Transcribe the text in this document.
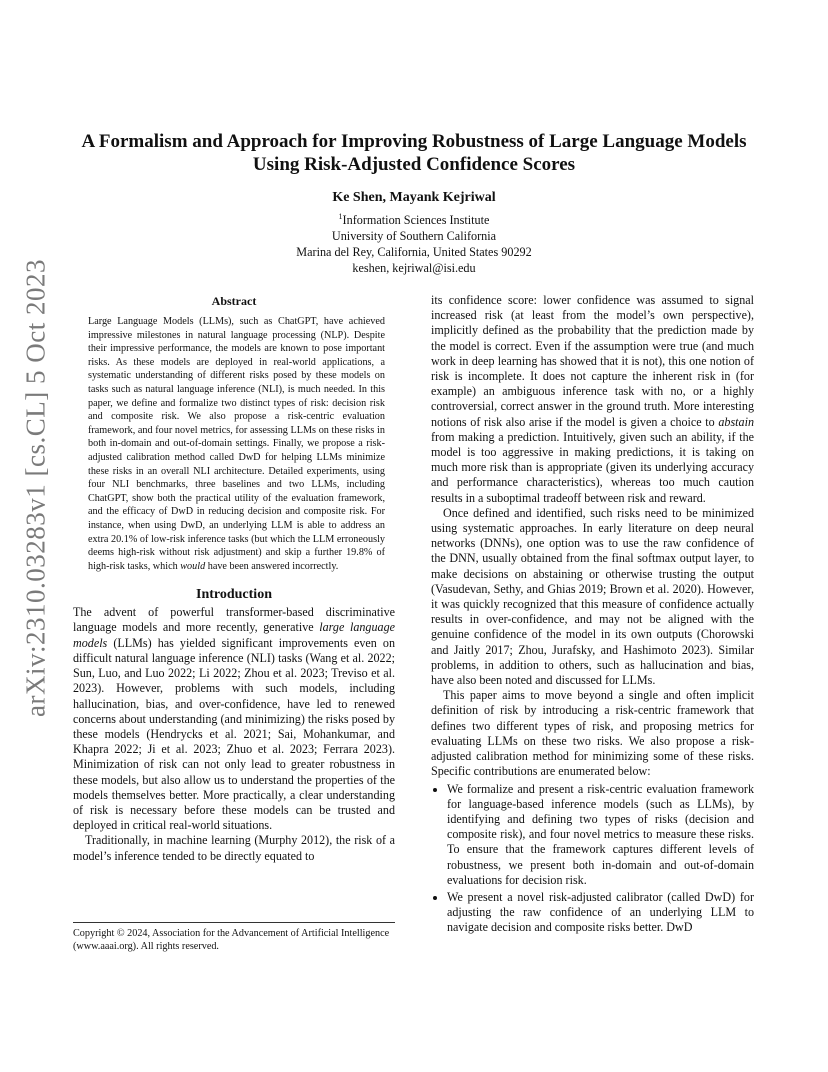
arXiv:2310.03283v1 [cs.CL] 5 Oct 2023
A Formalism and Approach for Improving Robustness of Large Language Models
Using Risk-Adjusted Confidence Scores
Ke Shen, Mayank Kejriwal
$^1$Information Sciences Institute
University of Southern California
Marina del Rey, California, United States 90292
keshen, kejriwal@isi.edu
Abstract
Large Language Models (LLMs), such as ChatGPT, have achieved impressive milestones in natural language processing (NLP). Despite their impressive performance, the models are known to pose important risks. As these models are deployed in real-world applications, a systematic understanding of different risks posed by these models on tasks such as natural language inference (NLI), is much needed. In this paper, we define and formalize two distinct types of risk: decision risk and composite risk. We also propose a risk-centric evaluation framework, and four novel metrics, for assessing LLMs on these risks in both in-domain and out-of-domain settings. Finally, we propose a risk-adjusted calibration method called DwD for helping LLMs minimize these risks in an overall NLI architecture. Detailed experiments, using four NLI benchmarks, three baselines and two LLMs, including ChatGPT, show both the practical utility of the evaluation framework, and the efficacy of DwD in reducing decision and composite risk. For instance, when using DwD, an underlying LLM is able to address an extra 20.1% of low-risk inference tasks (but which the LLM erroneously deems high-risk without risk adjustment) and skip a further 19.8% of high-risk tasks, which would have been answered incorrectly.
Introduction

The advent of powerful transformer-based discriminative language models and more recently, generative large language models (LLMs) has yielded significant improvements even on difficult natural language inference (NLI) tasks (Wang et al. 2022; Sun, Luo, and Luo 2022; Li 2022; Zhou et al. 2023; Treviso et al. 2023). However, problems with such models, including hallucination, bias, and over-confidence, have led to renewed concerns about understanding (and minimizing) the risks posed by these models (Hendrycks et al. 2021; Sai, Mohankumar, and Khapra 2022; Ji et al. 2023; Zhuo et al. 2023; Ferrara 2023). Minimization of risk can not only lead to greater robustness in these models, but also allow us to understand the properties of the models themselves better. More practically, a clear understanding of risk is necessary before these models can be trusted and deployed in critical real-world situations.

Traditionally, in machine learning (Murphy 2012), the risk of a model’s inference tended to be directly equated to

Copyright © 2024, Association for the Advancement of Artificial Intelligence (www.aaai.org). All rights reserved.

its confidence score: lower confidence was assumed to signal increased risk (at least from the model’s own perspective), implicitly defined as the probability that the prediction made by the model is correct. Even if the assumption were true (and much work in deep learning has showed that it is not), this one notion of risk is incomplete. It does not capture the inherent risk in (for example) an ambiguous inference task with no, or a highly controversial, correct answer in the ground truth. More interesting notions of risk also arise if the model is given a choice to abstain from making a prediction. Intuitively, given such an ability, if the model is too aggressive in making predictions, it is taking on much more risk than is appropriate (given its underlying accuracy and performance characteristics), whereas too much caution results in a suboptimal tradeoff between risk and reward.

Once defined and identified, such risks need to be minimized using systematic approaches. In early literature on deep neural networks (DNNs), one option was to use the raw confidence of the DNN, usually obtained from the final softmax output layer, to make decisions on abstaining or otherwise trusting the output (Vasudevan, Sethy, and Ghias 2019; Brown et al. 2020). However, it was quickly recognized that this measure of confidence actually results in over-confidence, and may not be aligned with the genuine confidence of the model in its own outputs (Chorowski and Jaitly 2017; Zhou, Jurafsky, and Hashimoto 2023). Similar problems, in addition to others, such as hallucination and bias, have also been noted and discussed for LLMs.

This paper aims to move beyond a single and often implicit definition of risk by introducing a risk-centric framework that defines two different types of risk, and proposing metrics for evaluating LLMs on these two risks. We also propose a risk-adjusted calibration method for minimizing some of these risks. Specific contributions are enumerated below:

• We formalize and present a risk-centric evaluation framework for language-based inference models (such as LLMs), by identifying and defining two types of risks (decision and composite risk), and four novel metrics to measure these risks. To ensure that the framework captures different levels of robustness, we present both in-domain and out-of-domain evaluations for decision risk.
• We present a novel risk-adjusted calibrator (called DwD) for adjusting the raw confidence of an underlying LLM to navigate decision and composite risks better. DwD
